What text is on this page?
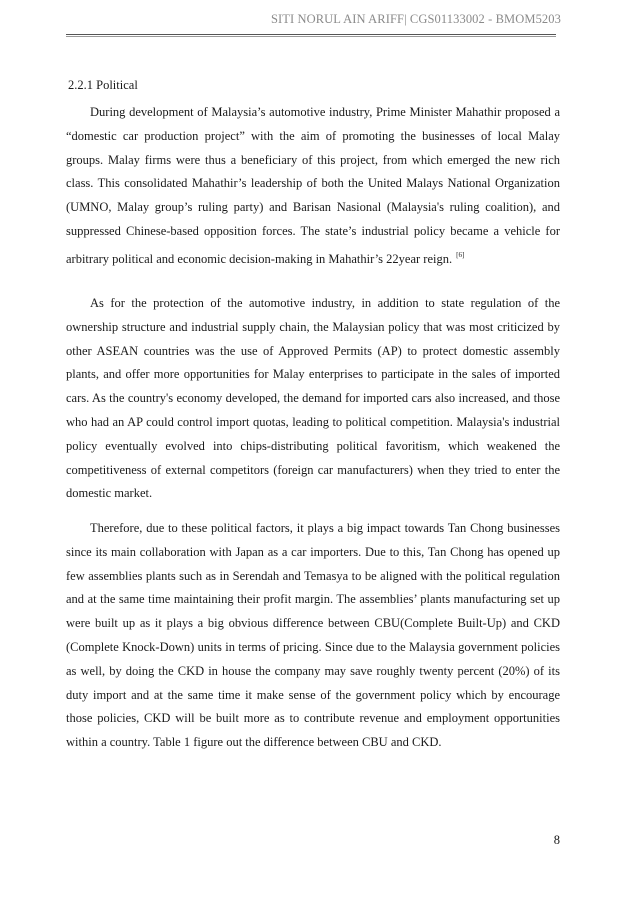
SITI NORUL AIN ARIFF| CGS01133002 - BMOM5203
2.2.1 Political

During development of Malaysia’s automotive industry, Prime Minister Mahathir proposed a “domestic car production project” with the aim of promoting the businesses of local Malay groups. Malay firms were thus a beneficiary of this project, from which emerged the new rich class. This consolidated Mahathir’s leadership of both the United Malays National Organization (UMNO, Malay group’s ruling party) and Barisan Nasional (Malaysia's ruling coalition), and suppressed Chinese-based opposition forces. The state’s industrial policy became a vehicle for arbitrary political and economic decision-making in Mahathir’s 22year reign. [6]

As for the protection of the automotive industry, in addition to state regulation of the ownership structure and industrial supply chain, the Malaysian policy that was most criticized by other ASEAN countries was the use of Approved Permits (AP) to protect domestic assembly plants, and offer more opportunities for Malay enterprises to participate in the sales of imported cars. As the country's economy developed, the demand for imported cars also increased, and those who had an AP could control import quotas, leading to political competition. Malaysia's industrial policy eventually evolved into chips-distributing political favoritism, which weakened the competitiveness of external competitors (foreign car manufacturers) when they tried to enter the domestic market.

Therefore, due to these political factors, it plays a big impact towards Tan Chong businesses since its main collaboration with Japan as a car importers. Due to this, Tan Chong has opened up few assemblies plants such as in Serendah and Temasya to be aligned with the political regulation and at the same time maintaining their profit margin. The assemblies’ plants manufacturing set up were built up as it plays a big obvious difference between CBU(Complete Built-Up) and CKD (Complete Knock-Down) units in terms of pricing. Since due to the Malaysia government policies as well, by doing the CKD in house the company may save roughly twenty percent (20%) of its duty import and at the same time it make sense of the government policy which by encourage those policies, CKD will be built more as to contribute revenue and employment opportunities within a country. Table 1 figure out the difference between CBU and CKD.

8
